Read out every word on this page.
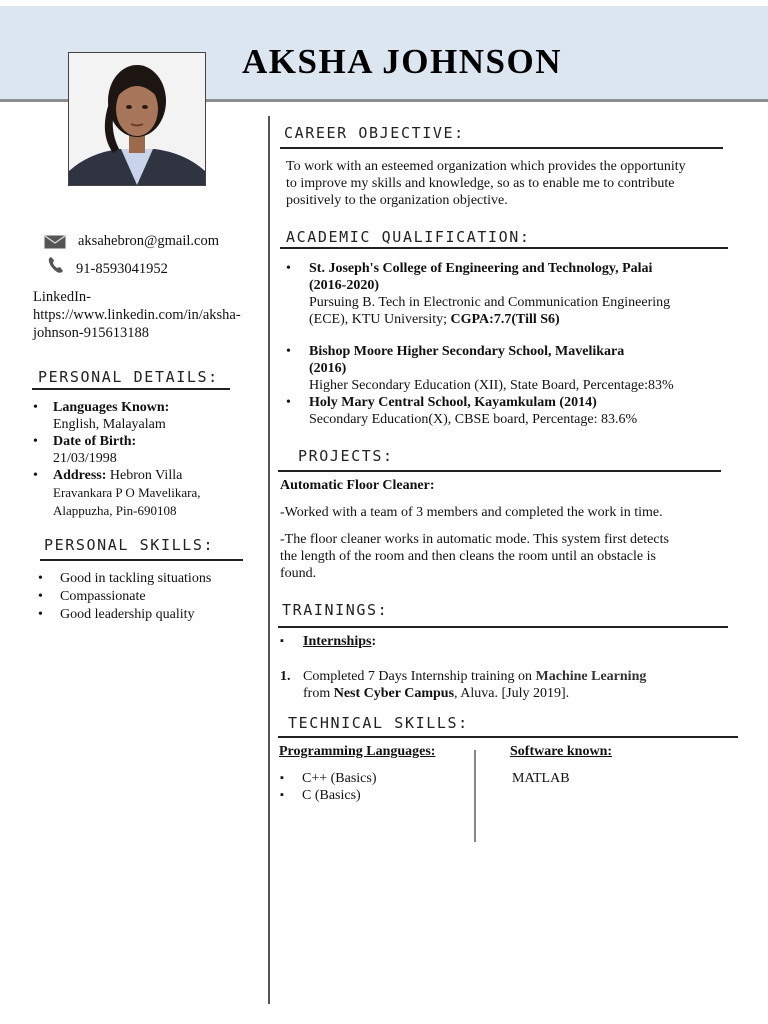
AKSHA JOHNSON
aksahebron@gmail.com
91-8593041952
LinkedIn-
https://www.linkedin.com/in/aksha-
johnson-915613188
PERSONAL DETAILS:
• Languages Known:
English, Malayalam
• Date of Birth:
21/03/1998
• Address: Hebron Villa
Eravankara P O Mavelikara,
Alappuzha, Pin-690108
PERSONAL SKILLS:
• Good in tackling situations
• Compassionate
• Good leadership quality
CAREER OBJECTIVE:
To work with an esteemed organization which provides the opportunity
to improve my skills and knowledge, so as to enable me to contribute
positively to the organization objective.
ACADEMIC QUALIFICATION:
• St. Joseph's College of Engineering and Technology, Palai
(2016-2020)
Pursuing B. Tech in Electronic and Communication Engineering
(ECE), KTU University; CGPA:7.7(Till S6)
• Bishop Moore Higher Secondary School, Mavelikara
(2016)
Higher Secondary Education (XII), State Board, Percentage:83%
• Holy Mary Central School, Kayamkulam (2014)
Secondary Education(X), CBSE board, Percentage: 83.6%
PROJECTS:
Automatic Floor Cleaner:
-Worked with a team of 3 members and completed the work in time.
-The floor cleaner works in automatic mode. This system first detects
the length of the room and then cleans the room until an obstacle is
found.
TRAININGS:
▪ Internships:
1. Completed 7 Days Internship training on Machine Learning
from Nest Cyber Campus, Aluva. [July 2019].
TECHNICAL SKILLS:
Programming Languages:
▪ C++ (Basics)
▪ C (Basics)
Software known:
MATLAB
